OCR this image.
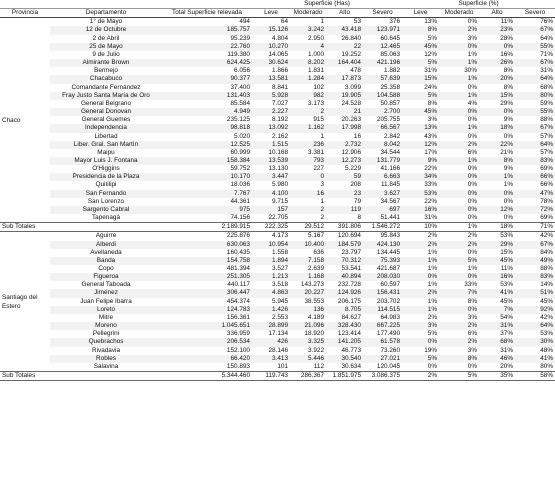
			Superficie (Has)				Superficie (%)			
Provincia	Departamento	Total Superficie relevada	Leve	Moderado	Alto	Severo	Leve	Moderado	Alto	Severo
Chaco	1° de Mayo	494	64	1	53	376	13%	0%	11%	76%
	12 de Octubre	185.757	15.126	3.242	43.418	123.971	8%	2%	23%	67%
	2 de Abril	95.239	4.804	2.950	26.840	60.645	5%	3%	28%	64%
	25 de Mayo	22.760	10.270	4	22	12.465	45%	0%	0%	55%
	9 de Julio	119.380	14.065	1.000	19.252	85.063	12%	1%	16%	71%
	Almirante Brown	624.425	30.624	8.202	164.404	421.196	5%	1%	26%	67%
	Bermejo	6.056	1.866	1.831	478	1.882	31%	30%	8%	31%
	Chacabuco	90.377	13.581	1.284	17.873	57.639	15%	1%	20%	64%
	Comandante Fernández	37.400	8.841	102	3.099	25.358	24%	0%	8%	68%
	Fray Justo Santa María de Oro	131.403	5.928	982	19.905	104.588	5%	1%	15%	80%
	General Belgrano	85.584	7.027	3.173	24.528	50.857	8%	4%	29%	59%
	General Donovan	4.949	2.227	2	21	2.700	45%	0%	0%	55%
	General Guemes	235.125	8.192	915	20.263	205.755	3%	0%	9%	88%
	Independencia	98.818	13.092	1.162	17.998	66.567	13%	1%	18%	67%
	Libertad	5.020	2.162	1	16	2.842	43%	0%	0%	57%
	Liber. Gral. San Martín	12.525	1.515	236	2.732	8.042	12%	2%	22%	64%
	Maipu	60.999	10.168	3.381	12.906	34.544	17%	6%	21%	57%
	Mayor Luis J. Fontana	158.384	13.539	793	12.273	131.779	9%	1%	8%	83%
	O'Higgins	59.752	13.130	227	5.229	41.166	22%	0%	9%	69%
	Presidencia de la Plaza	10.170	3.447	0	59	6.663	34%	0%	1%	66%
	Quitilipi	18.036	5.980	3	208	11.845	33%	0%	1%	66%
	San Fernando	7.767	4.100	16	23	3.627	53%	0%	0%	47%
	San Lorenzo	44.361	9.715	1	79	34.567	22%	0%	0%	78%
	Sargento Cabral	975	157	2	119	697	16%	0%	12%	72%
	Tapenagá	74.156	22.705	2	8	51.441	31%	0%	0%	69%
Sub Totales		2.189.915	222.325	29.512	391.806	1.546.272	10%	1%	18%	71%
Santiago del Estero	Aguirre	225.876	4.173	5.167	120.694	95.843	2%	2%	53%	42%
	Alberdi	630.063	10.954	10.400	184.579	424.130	2%	2%	29%	67%
	Avellaneda	160.435	1.558	636	23.797	134.445	1%	0%	15%	84%
	Banda	154.758	1.894	7.158	70.312	75.393	1%	5%	45%	49%
	Copo	481.394	3.527	2.639	53.541	421.687	1%	1%	11%	88%
	Figueroa	251.305	1.213	1.168	40.894	208.030	0%	0%	16%	83%
	General Taboada	440.117	3.518	143.273	232.728	60.597	1%	33%	53%	14%
	Jiménez	306.447	4.863	20.227	124.926	156.431	2%	7%	41%	51%
	Juan Felipe Ibarra	454.374	5.945	38.553	206.175	203.702	1%	8%	45%	45%
	Loreto	124.783	1.426	136	8.705	114.515	1%	0%	7%	92%
	Mitre	156.361	2.553	4.189	84.627	64.983	2%	3%	54%	42%
	Moreno	1.045.651	28.899	21.096	328.430	667.225	3%	2%	31%	64%
	Pellegrini	336.959	17.134	18.920	123.414	177.490	5%	6%	37%	53%
	Quebrachos	206.534	426	3.325	141.205	61.578	0%	2%	68%	30%
	Rivadavia	152.100	28.146	3.922	46.773	73.260	19%	3%	31%	48%
	Robles	66.420	3.413	5.446	30.540	27.021	5%	8%	46%	41%
	Salavina	150.893	101	112	30.634	120.045	0%	0%	20%	80%
Sub Totales		5.344.460	119.743	286.367	1.851.975	3.086.375	2%	5%	35%	58%
